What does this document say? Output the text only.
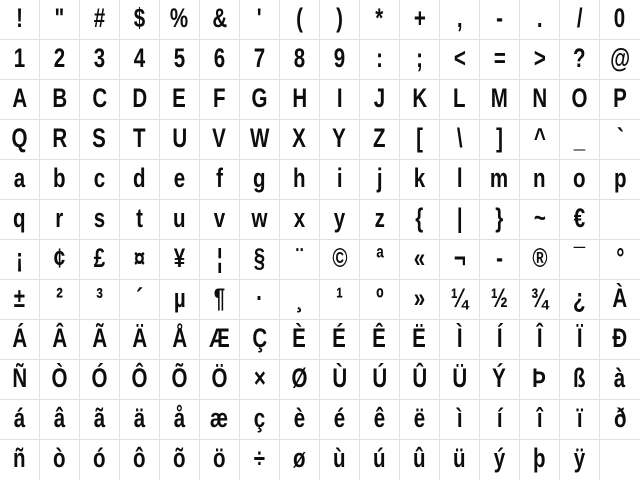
!	"	#	$ % &	'	(	)	*	+	,	-	.	/	0
1	2	3	4	5	6	7	8	9	:	;	<	=	>	? @
A B C D E F G H	I	J K L M N O P
Q R S T U V W X Y Z	[	\	]	^	_	`
a	b	c	d	e	f	g	h	i	j	k	l	m n	o	p
q	r	s	t	u	v w x	y	z	{	|	}	~	€
¡	¢	£	¤	¥	¦	§	¨	©	ª	«	¬	-	® ¯	°
±	²	³	´	µ	¶	·	¸	¹	º	» ¼ ½ ¾ ¿ À
Á Â Ã Ä Å Æ Ç È É Ê Ë	Ì	Í	Î	Ï	Ð
Ñ Ò Ó Ô Õ Ö × Ø Ù Ú Û Ü Ý Þ ß	à
á	â	ã	ä	å æ ç	è	é	ê	ë	ì	í	î	ï	ð
ñ	ò	ó	ô	õ	ö	÷	ø	ù	ú	û	ü	ý	þ	ÿ
